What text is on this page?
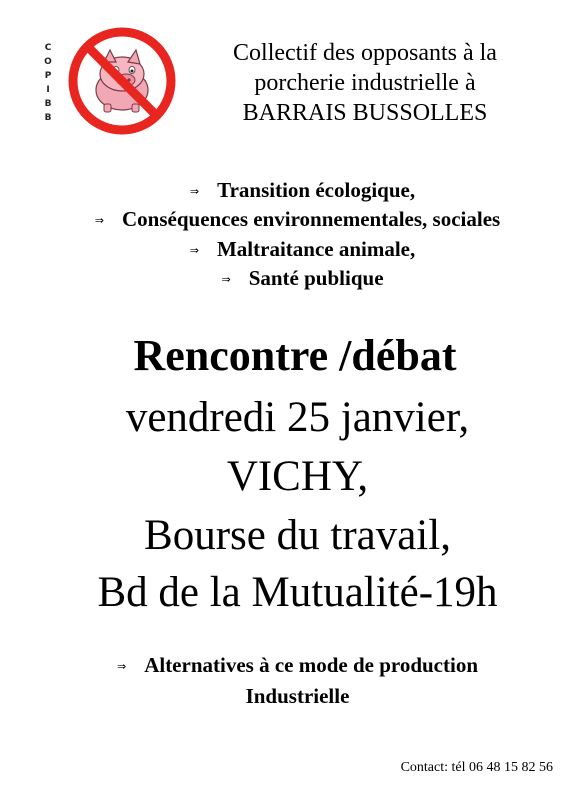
C
O
P
I
B
B
Collectif des opposants à la
porcherie industrielle à
BARRAIS BUSSOLLES
⇒ Transition écologique,
⇒ Conséquences environnementales, sociales
⇒ Maltraitance animale,
⇒ Santé publique
Rencontre /débat
vendredi 25 janvier,
VICHY,
Bourse du travail,
Bd de la Mutualité-19h
⇒ Alternatives à ce mode de production
Industrielle
Contact: tél 06 48 15 82 56
